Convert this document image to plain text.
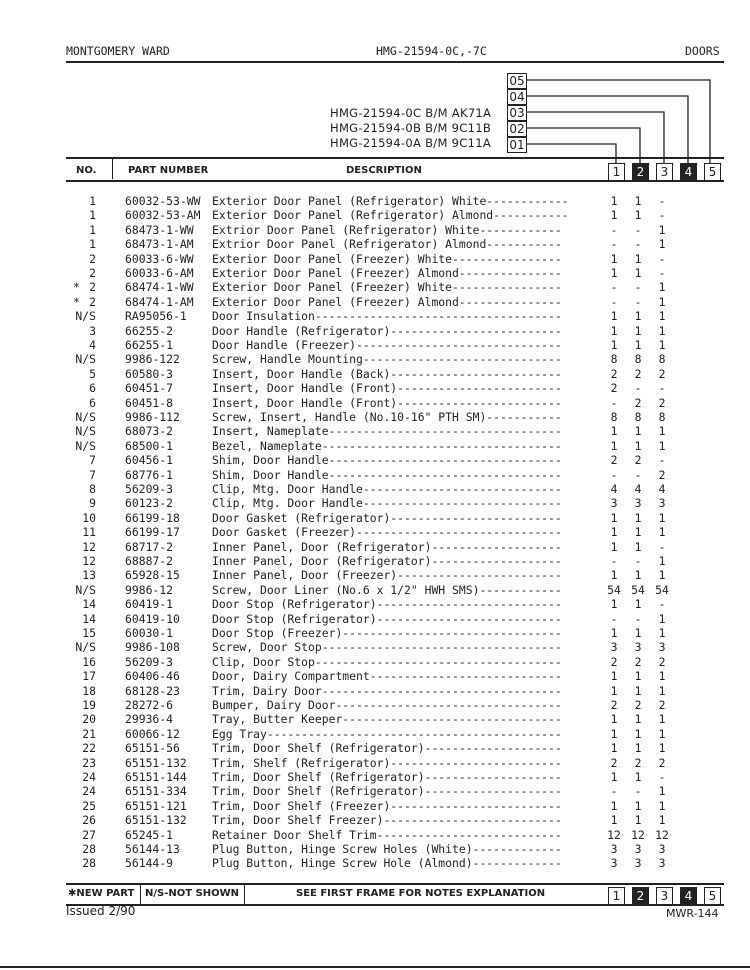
MONTGOMERY WARD	HMG-21594-0C,-7C	DOORS
HMG-21594-0C B/M AK71A
HMG-21594-0B B/M 9C11B
HMG-21594-0A B/M 9C11A
05
04
03
02
01
NO.	PART NUMBER	DESCRIPTION	1	2	3	4	5
1	60032-53-WW Exterior Door Panel (Refrigerator) White------------	1	1	-
1	60032-53-AM Exterior Door Panel (Refrigerator) Almond-----------	1	1	-
1	68473-1-WW Extrior Door Panel (Refrigerator) White------------	-	-	1
1	68473-1-AM Extrior Door Panel (Refrigerator) Almond-----------	-	-	1
2	60033-6-WW Exterior Door Panel (Freezer) White----------------	1	1	-
2	60033-6-AM Exterior Door Panel (Freezer) Almond---------------	1	1	-
* 2	68474-1-WW Exterior Door Panel (Freezer) White----------------	-	-	1
* 2	68474-1-AM Exterior Door Panel (Freezer) Almond---------------	-	-	1
N/S	RA95056-1 Door Insulation------------------------------------	1	1	1
3	66255-2	Door Handle (Refrigerator)-------------------------	1	1	1
4	66255-1	Door Handle (Freezer)------------------------------	1	1	1
N/S	9986-122	Screw, Handle Mounting-----------------------------	8	8	8
5	60580-3	Insert, Door Handle (Back)-------------------------	2	2	2
6	60451-7	Insert, Door Handle (Front)------------------------	2	-	-
6	60451-8	Insert, Door Handle (Front)------------------------	-	2	2
N/S	9986-112	Screw, Insert, Handle (No.10-16" PTH SM)-----------	8	8	8
N/S	68073-2	Insert, Nameplate----------------------------------	1	1	1
N/S	68500-1	Bezel, Nameplate-----------------------------------	1	1	1
7	60456-1	Shim, Door Handle----------------------------------	2	2	-
7	68776-1	Shim, Door Handle----------------------------------	-	-	2
8	56209-3	Clip, Mtg. Door Handle-----------------------------	4	4	4
9	60123-2	Clip, Mtg. Door Handle-----------------------------	3	3	3
10	66199-18	Door Gasket (Refrigerator)-------------------------	1	1	1
11	66199-17	Door Gasket (Freezer)------------------------------	1	1	1
12	68717-2	Inner Panel, Door (Refrigerator)-------------------	1	1	-
12	68887-2	Inner Panel, Door (Refrigerator)-------------------	-	-	1
13	65928-15	Inner Panel, Door (Freezer)------------------------	1	1	1
N/S	9986-12	Screw, Door Liner (No.6 x 1/2" HWH SMS)------------	54 54 54
14	60419-1	Door Stop (Refrigerator)---------------------------	1	1	-
14	60419-10	Door Stop (Refrigerator)---------------------------	-	-	1
15	60030-1	Door Stop (Freezer)--------------------------------	1	1	1
N/S	9986-108	Screw, Door Stop-----------------------------------	3	3	3
16	56209-3	Clip, Door Stop------------------------------------	2	2	2
17	60406-46	Door, Dairy Compartment----------------------------	1	1	1
18	68128-23	Trim, Dairy Door-----------------------------------	1	1	1
19	28272-6	Bumper, Dairy Door---------------------------------	2	2	2
20	29936-4	Tray, Butter Keeper--------------------------------	1	1	1
21	60066-12	Egg Tray-------------------------------------------	1	1	1
22	65151-56	Trim, Door Shelf (Refrigerator)--------------------	1	1	1
23	65151-132 Trim, Shelf (Refrigerator)-------------------------	2	2	2
24	65151-144 Trim, Door Shelf (Refrigerator)--------------------	1	1	-
24	65151-334 Trim, Door Shelf (Refrigerator)--------------------	-	-	1
25	65151-121 Trim, Door Shelf (Freezer)-------------------------	1	1	1
26	65151-132 Trim, Door Shelf Freezer)--------------------------	1	1	1
27	65245-1	Retainer Door Shelf Trim---------------------------	12 12 12
28	56144-13	Plug Button, Hinge Screw Holes (White)-------------	3	3	3
28	56144-9	Plug Button, Hinge Screw Hole (Almond)-------------	3	3	3
✱NEW PART N/S-NOT SHOWN	SEE FIRST FRAME FOR NOTES EXPLANATION	1	2	3	4	5
Issued 2/90	MWR-144
